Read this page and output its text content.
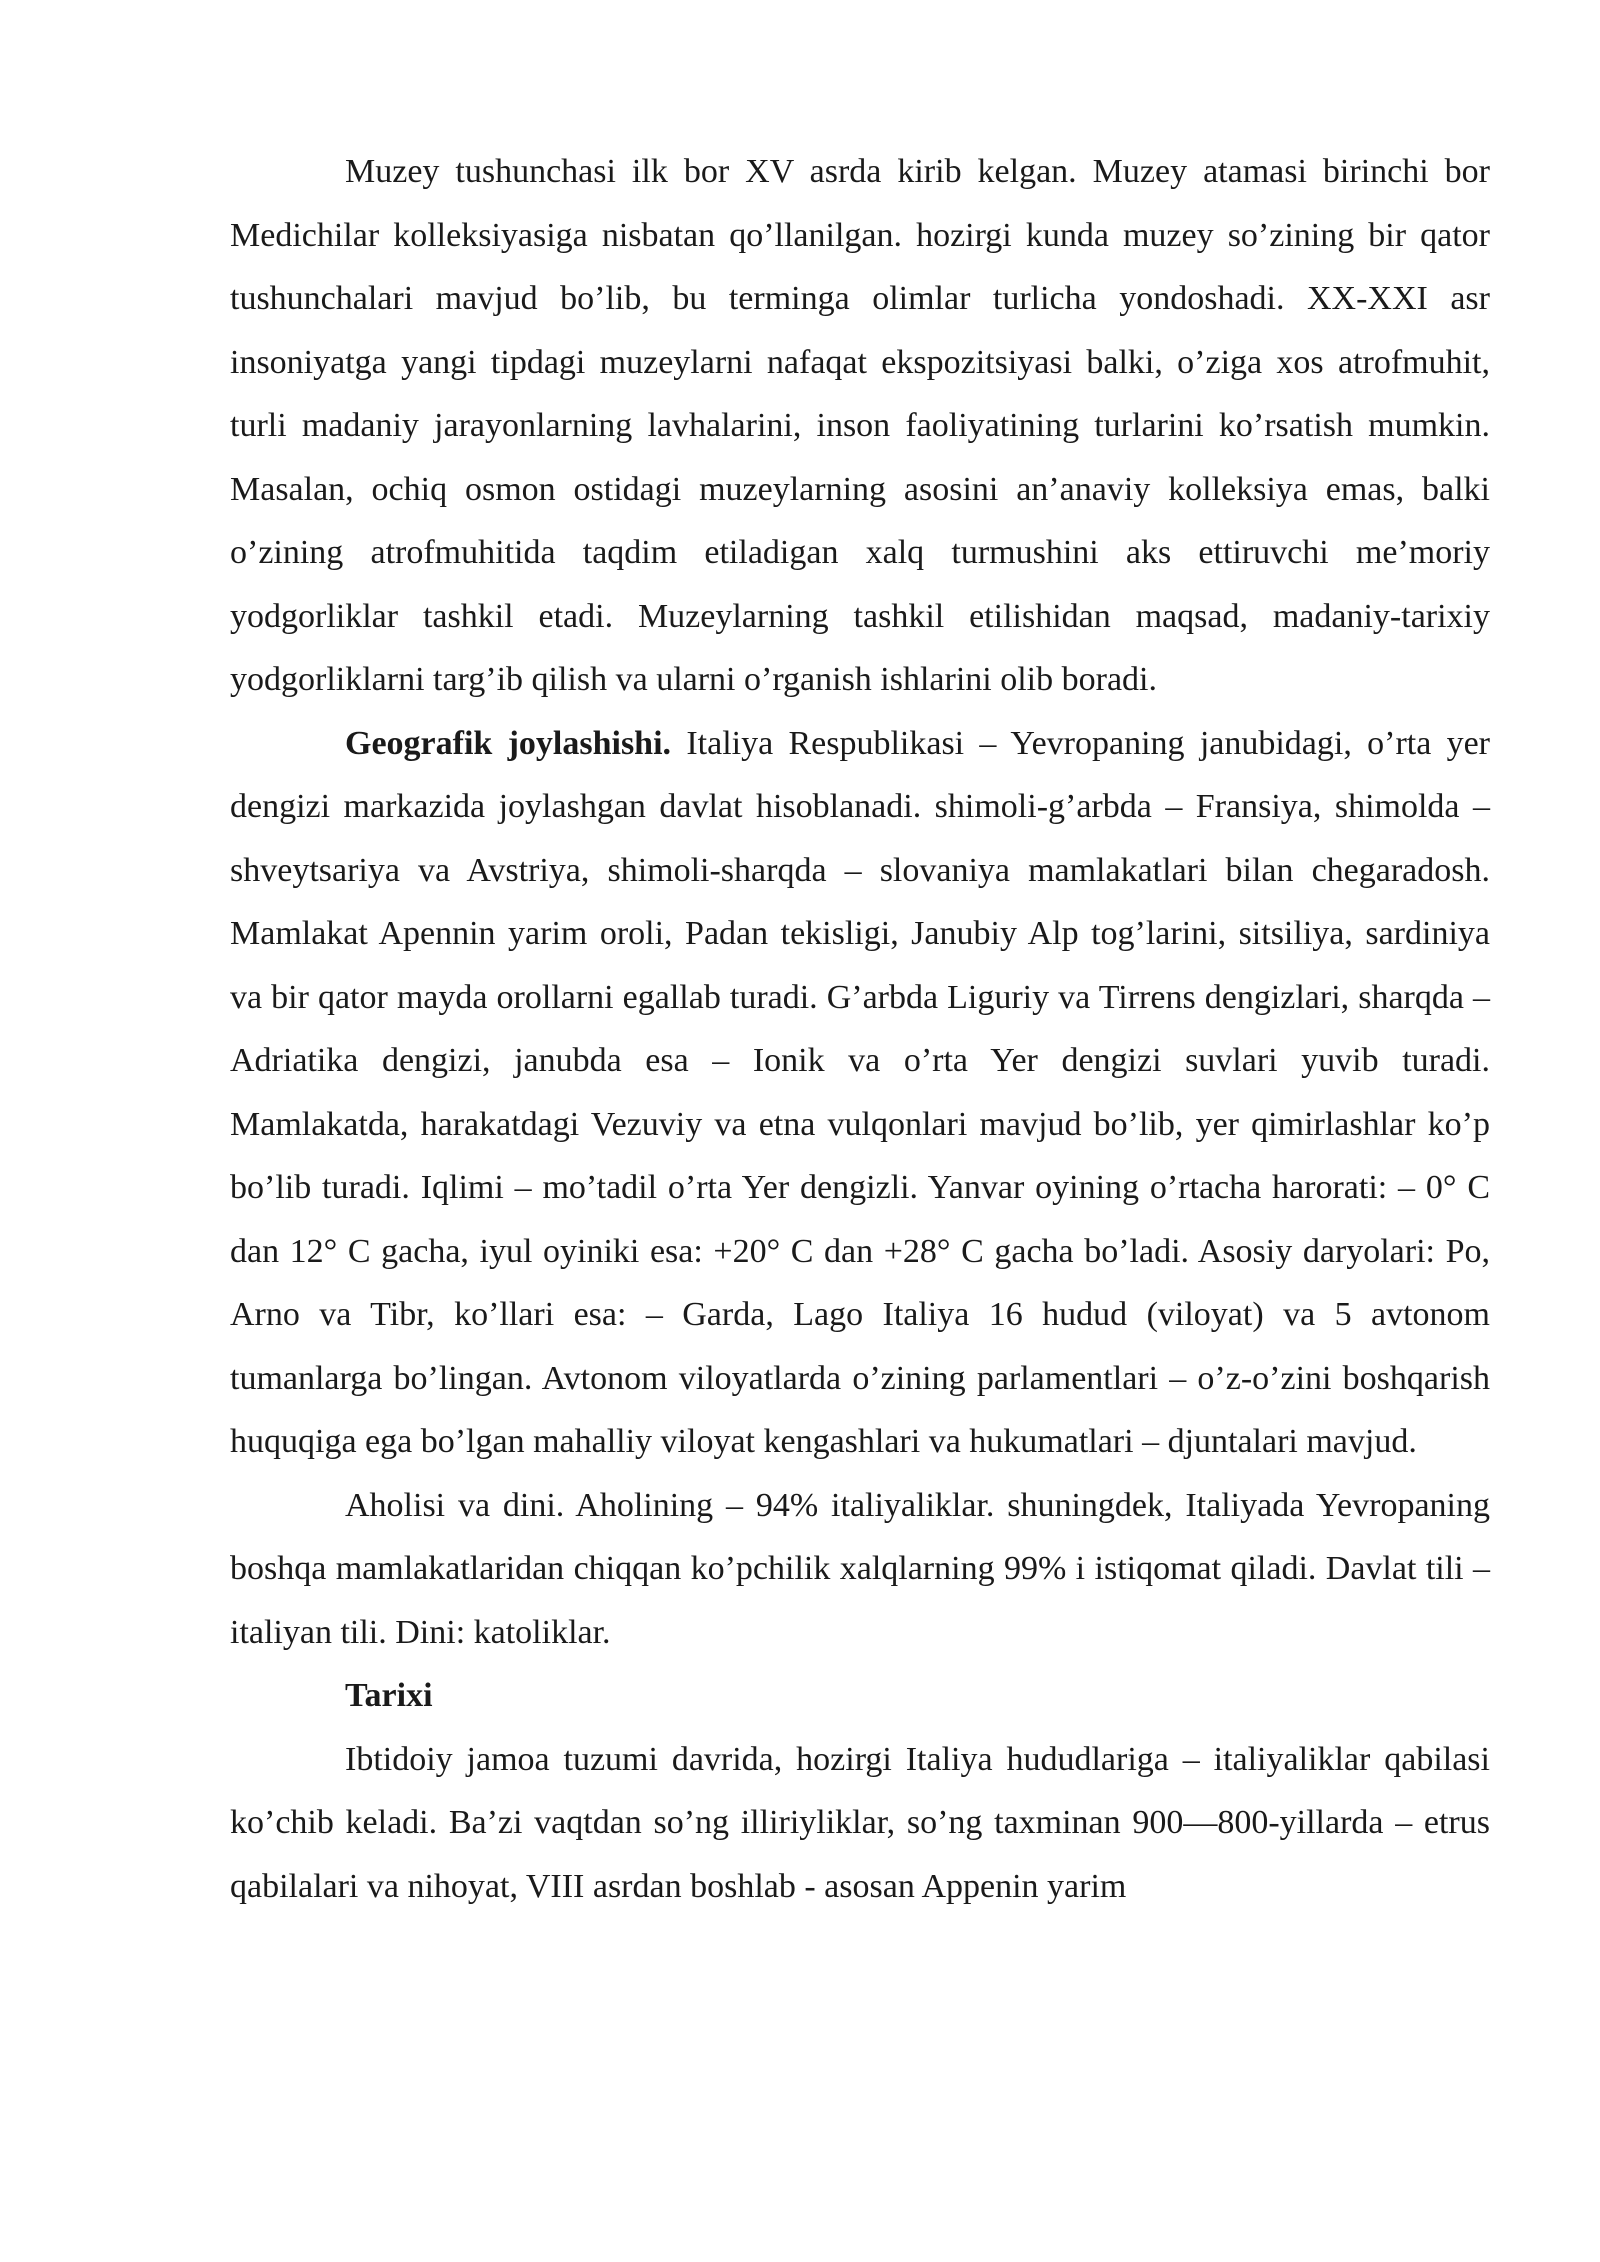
Muzey tushunchasi ilk bor XV asrda kirib kelgan. Muzey atamasi birinchi bor Medichilar kolleksiyasiga nisbatan qo’llanilgan. hozirgi kunda muzey so’zining bir qator tushunchalari mavjud bo’lib, bu terminga olimlar turlicha yondoshadi. XX-XXI asr insoniyatga yangi tipdagi muzeylarni nafaqat ekspozitsiyasi balki, o’ziga xos atrofmuhit, turli madaniy jarayonlarning lavhalarini, inson faoliyatining turlarini ko’rsatish mumkin. Masalan, ochiq osmon ostidagi muzeylarning asosini an’anaviy kolleksiya emas, balki o’zining atrofmuhitida taqdim etiladigan xalq turmushini aks ettiruvchi me’moriy yodgorliklar tashkil etadi. Muzeylarning tashkil etilishidan maqsad, madaniy-tarixiy yodgorliklarni targ’ib qilish va ularni o’rganish ishlarini olib boradi.

Geografik joylashishi. Italiya Respublikasi – Yevropaning janubidagi, o’rta yer dengizi markazida joylashgan davlat hisoblanadi. shimoli-g’arbda – Fransiya, shimolda – shveytsariya va Avstriya, shimoli-sharqda – slovaniya mamlakatlari bilan chegaradosh. Mamlakat Apennin yarim oroli, Padan tekisligi, Janubiy Alp tog’larini, sitsiliya, sardiniya va bir qator mayda orollarni egallab turadi. G’arbda Liguriy va Tirrens dengizlari, sharqda –Adriatika dengizi, janubda esa – Ionik va o’rta Yer dengizi suvlari yuvib turadi. Mamlakatda, harakatdagi Vezuviy va etna vulqonlari mavjud bo’lib, yer qimirlashlar ko’p bo’lib turadi. Iqlimi – mo’tadil o’rta Yer dengizli. Yanvar oyining o’rtacha harorati: – 0° C dan 12° C gacha, iyul oyiniki esa: +20° C dan +28° C gacha bo’ladi. Asosiy daryolari: Po, Arno va Tibr, ko’llari esa: – Garda, Lago Italiya 16 hudud (viloyat) va 5 avtonom tumanlarga bo’lingan. Avtonom viloyatlarda o’zining parlamentlari – o’z-o’zini boshqarish huquqiga ega bo’lgan mahalliy viloyat kengashlari va hukumatlari – djuntalari mavjud.

Aholisi va dini. Aholining – 94% italiyaliklar. shuningdek, Italiyada Yevropaning boshqa mamlakatlaridan chiqqan ko’pchilik xalqlarning 99% i istiqomat qiladi. Davlat tili – italiyan tili. Dini: katoliklar.

Tarixi

Ibtidoiy jamoa tuzumi davrida, hozirgi Italiya hududlariga – italiyaliklar qabilasi ko’chib keladi. Ba’zi vaqtdan so’ng illiriyliklar, so’ng taxminan 900—800-yillarda – etrus qabilalari va nihoyat, VIII asrdan boshlab - asosan Appenin yarim
